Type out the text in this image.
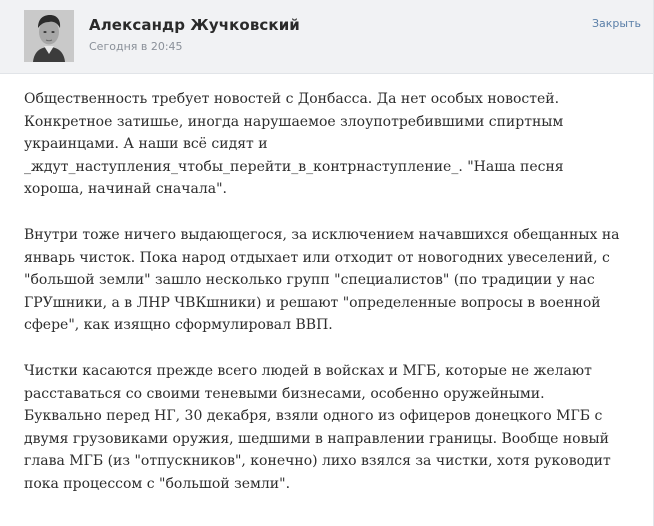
Александр Жучковский
Сегодня в 20:45
Закрыть

Общественность требует новостей с Донбасса. Да нет особых новостей.
Конкретное затишье, иногда нарушаемое злоупотребившими спиртным
украинцами. А наши всё сидят и
_ждут_наступления_чтобы_перейти_в_контрнаступление_. "Наша песня
хороша, начинай сначала".

Внутри тоже ничего выдающегося, за исключением начавшихся обещанных на
январь чисток. Пока народ отдыхает или отходит от новогодних увеселений, с
"большой земли" зашло несколько групп "специалистов" (по традиции у нас
ГРУшники, а в ЛНР ЧВКшники) и решают "определенные вопросы в военной
сфере", как изящно сформулировал ВВП.

Чистки касаются прежде всего людей в войсках и МГБ, которые не желают
расставаться со своими теневыми бизнесами, особенно оружейными.
Буквально перед НГ, 30 декабря, взяли одного из офицеров донецкого МГБ с
двумя грузовиками оружия, шедшими в направлении границы. Вообще новый
глава МГБ (из "отпускников", конечно) лихо взялся за чистки, хотя руководит
пока процессом с "большой земли".
